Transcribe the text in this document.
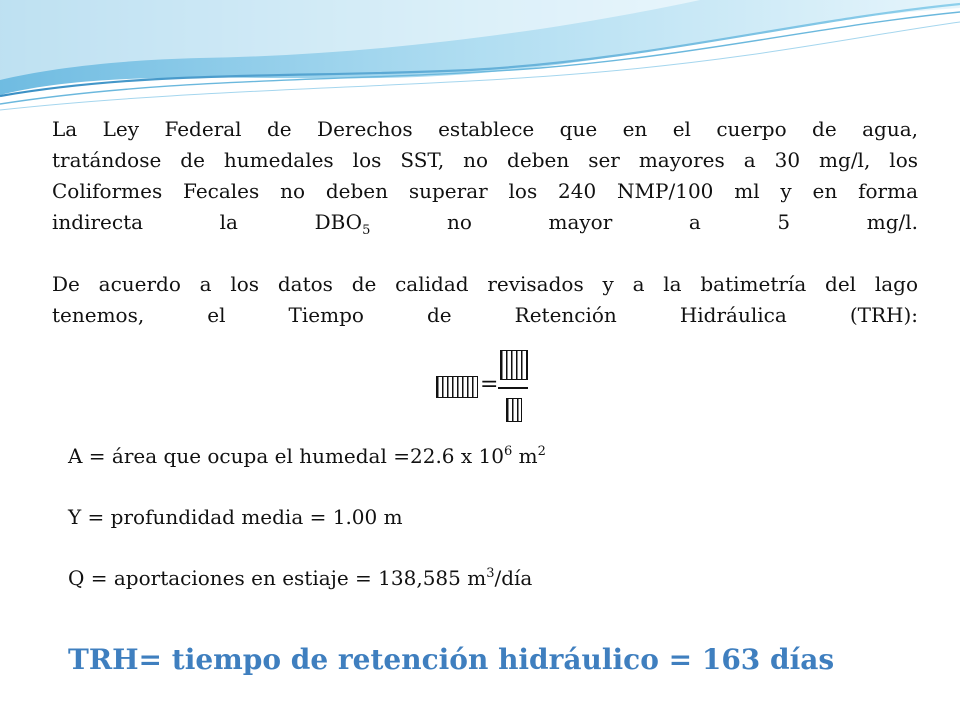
La Ley Federal de Derechos establece que en el cuerpo de agua,
tratándose de humedales los SST, no deben ser mayores a 30 mg/l, los
Coliformes Fecales no deben superar los 240 NMP/100 ml y en forma
indirecta la $DBO_5$ no mayor a 5 mg/l.
De acuerdo a los datos de calidad revisados y a la batimetría del lago
tenemos, el Tiempo de Retención Hidráulica (TRH):
=
A = área que ocupa el humedal =22.6 x $10^6$ $m^2$
Y = profundidad media = 1.00 m
Q = aportaciones en estiaje = 138,585 $m^3$/día
TRH= tiempo de retención hidráulico = 163 días
